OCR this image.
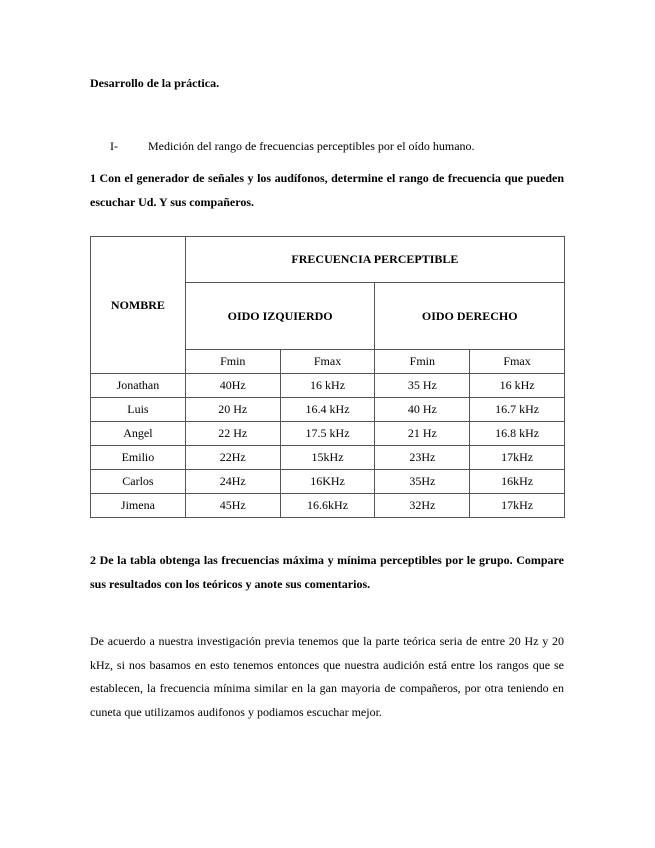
Desarrollo de la práctica.
I-	Medición del rango de frecuencias perceptibles por el oído humano.
1 Con el generador de señales y los audífonos, determine el rango de frecuencia que pueden escuchar Ud. Y sus compañeros.
NOMBRE	FRECUENCIA PERCEPTIBLE			
	OIDO IZQUIERDO		OIDO DERECHO	
	Fmin	Fmax	Fmin	Fmax
Jonathan	40Hz	16 kHz	35 Hz	16 kHz
Luis	20 Hz	16.4 kHz	40 Hz	16.7 kHz
Angel	22 Hz	17.5 kHz	21 Hz	16.8 kHz
Emilio	22Hz	15kHz	23Hz	17kHz
Carlos	24Hz	16KHz	35Hz	16kHz
Jimena	45Hz	16.6kHz	32Hz	17kHz
2 De la tabla obtenga las frecuencias máxima y mínima perceptibles por le grupo. Compare sus resultados con los teóricos y anote sus comentarios.
De acuerdo a nuestra investigación previa tenemos que la parte teórica seria de entre 20 Hz y 20 kHz, si nos basamos en esto tenemos entonces que nuestra audición está entre los rangos que se establecen, la frecuencia mínima similar en la gan mayoria de compañeros, por otra teniendo en cuneta que utilizamos audifonos y podiamos escuchar mejor.
